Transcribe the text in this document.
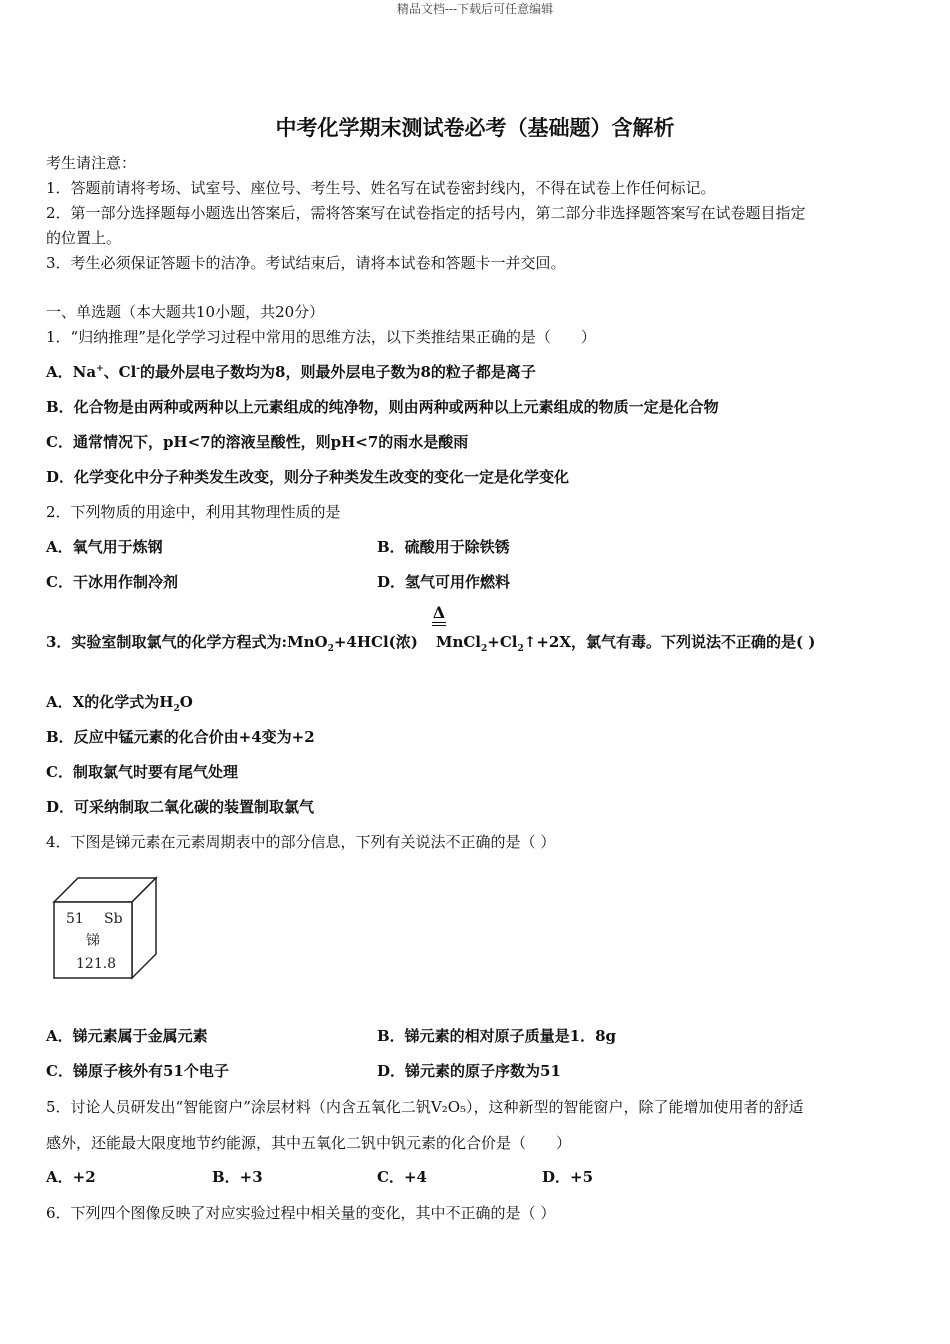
精品文档---下载后可任意编辑
中考化学期末测试卷必考（基础题）含解析
考生请注意：
1．答题前请将考场、试室号、座位号、考生号、姓名写在试卷密封线内，不得在试卷上作任何标记。
2．第一部分选择题每小题选出答案后，需将答案写在试卷指定的括号内，第二部分非选择题答案写在试卷题目指定
的位置上。
3．考生必须保证答题卡的洁净。考试结束后，请将本试卷和答题卡一并交回。
一、单选题（本大题共10小题，共20分）
1．“归纳推理”是化学学习过程中常用的思维方法，以下类推结果正确的是（　　）
A．Na+、Cl-的最外层电子数均为8，则最外层电子数为8的粒子都是离子
B．化合物是由两种或两种以上元素组成的纯净物，则由两种或两种以上元素组成的物质一定是化合物
C．通常情况下，pH<7的溶液呈酸性，则pH<7的雨水是酸雨
D．化学变化中分子种类发生改变，则分子种类发生改变的变化一定是化学变化
2．下列物质的用途中，利用其物理性质的是
A．氧气用于炼钢	B．硫酸用于除铁锈
C．干冰用作制冷剂	D．氢气可用作燃料
Δ
3．实验室制取氯气的化学方程式为:MnO$_2$+4HCl(浓) $MnCl_2+Cl_2↑+2X$，氯气有毒。下列说法不正确的是( )
A．X的化学式为$H_2O$
B．反应中锰元素的化合价由+4变为+2
C．制取氯气时要有尾气处理
D．可采纳制取二氧化碳的装置制取氯气
4．下图是锑元素在元素周期表中的部分信息，下列有关说法不正确的是（ ）
51 Sb
锑
121.8
A．锑元素属于金属元素	B．锑元素的相对原子质量是1．8g
C．锑原子核外有51个电子	D．锑元素的原子序数为51
5．讨论人员研发出“智能窗户”涂层材料（内含五氧化二钒V₂O₅），这种新型的智能窗户，除了能增加使用者的舒适
感外，还能最大限度地节约能源，其中五氧化二钒中钒元素的化合价是（　　）
A．+2	B．+3	C．+4	D．+5
6．下列四个图像反映了对应实验过程中相关量的变化，其中不正确的是（ ）
